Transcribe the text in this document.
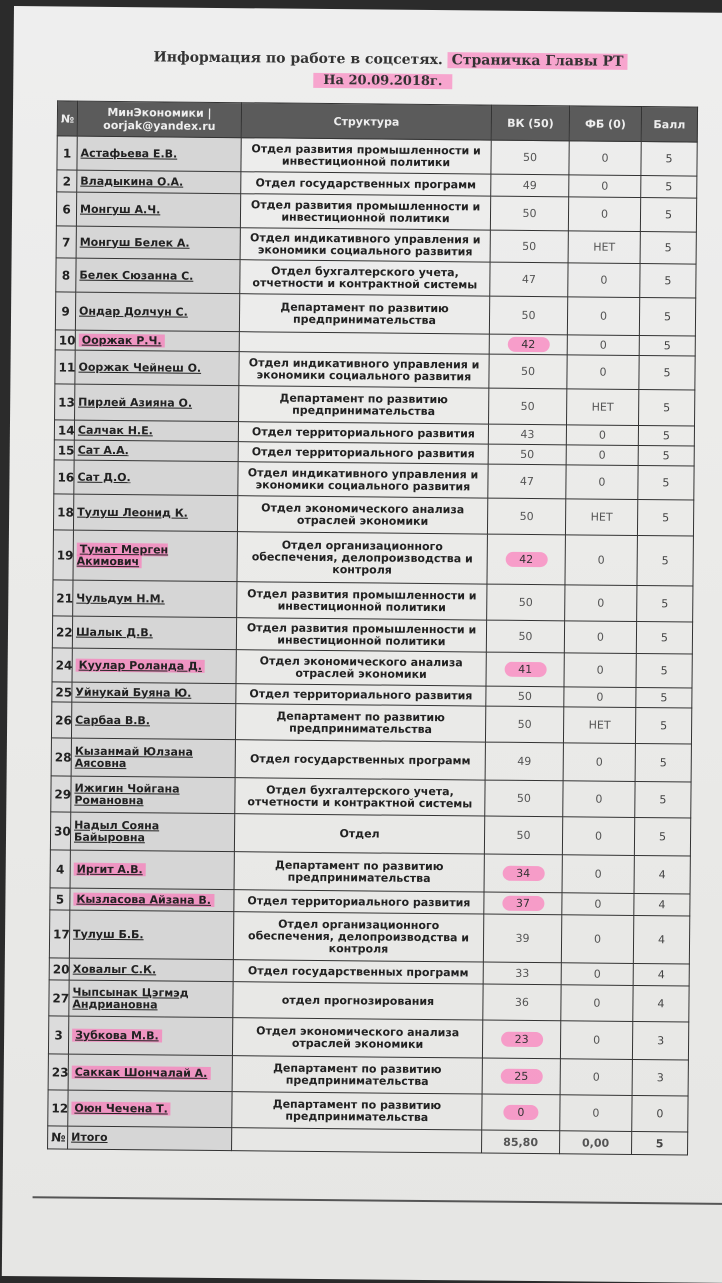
Информация по работе в соцсетях. Страничка Главы РТ
На 20.09.2018г.
№	МинЭкономики | oorjak@yandex.ru	Структура	ВК (50)	ФБ (0)	Балл
1	Астафьева Е.В.	Отдел развития промышленности и инвестиционной политики	50	0	5
2	Владыкина О.А.	Отдел государственных программ	49	0	5
6	Монгуш А.Ч.	Отдел развития промышленности и инвестиционной политики	50	0	5
7	Монгуш Белек А.	Отдел индикативного управления и экономики социального развития	50	НЕТ	5
8	Белек Сюзанна С.	Отдел бухгалтерского учета, отчетности и контрактной системы	47	0	5
9	Ондар Долчун С.	Департамент по развитию предпринимательства	50	0	5
10	Ооржак Р.Ч.		42	0	5
11	Ооржак Чейнеш О.	Отдел индикативного управления и экономики социального развития	50	0	5
13	Пирлей Азияна О.	Департамент по развитию предпринимательства	50	НЕТ	5
14	Салчак Н.Е.	Отдел территориального развития	43	0	5
15	Сат А.А.	Отдел территориального развития	50	0	5
16	Сат Д.О.	Отдел индикативного управления и экономики социального развития	47	0	5
18	Тулуш Леонид К.	Отдел экономического анализа отраслей экономики	50	НЕТ	5
19	Тумат Мерген Акимович	Отдел организационного обеспечения, делопроизводства и контроля	42	0	5
21	Чульдум Н.М.	Отдел развития промышленности и инвестиционной политики	50	0	5
22	Шалык Д.В.	Отдел развития промышленности и инвестиционной политики	50	0	5
24	Куулар Роланда Д.	Отдел экономического анализа отраслей экономики	41	0	5
25	Уйнукай Буяна Ю.	Отдел территориального развития	50	0	5
26	Сарбаа В.В.	Департамент по развитию предпринимательства	50	НЕТ	5
28	Кызанмай Юлзана Аясовна	Отдел государственных программ	49	0	5
29	Ижигин Чойгана Романовна	Отдел бухгалтерского учета, отчетности и контрактной системы	50	0	5
30	Надыл Сояна Байыровна	Отдел	50	0	5
4	Иргит А.В.	Департамент по развитию предпринимательства	34	0	4
5	Кызласова Айзана В.	Отдел территориального развития	37	0	4
17	Тулуш Б.Б.	Отдел организационного обеспечения, делопроизводства и контроля	39	0	4
20	Ховалыг С.К.	Отдел государственных программ	33	0	4
27	Чыпсынак Цэгмэд Андриановна	отдел прогнозирования	36	0	4
3	Зубкова М.В.	Отдел экономического анализа отраслей экономики	23	0	3
23	Саккак Шончалай А.	Департамент по развитию предпринимательства	25	0	3
12	Оюн Чечена Т.	Департамент по развитию предпринимательства	0	0	0
№	Итого		85,80	0,00	5
